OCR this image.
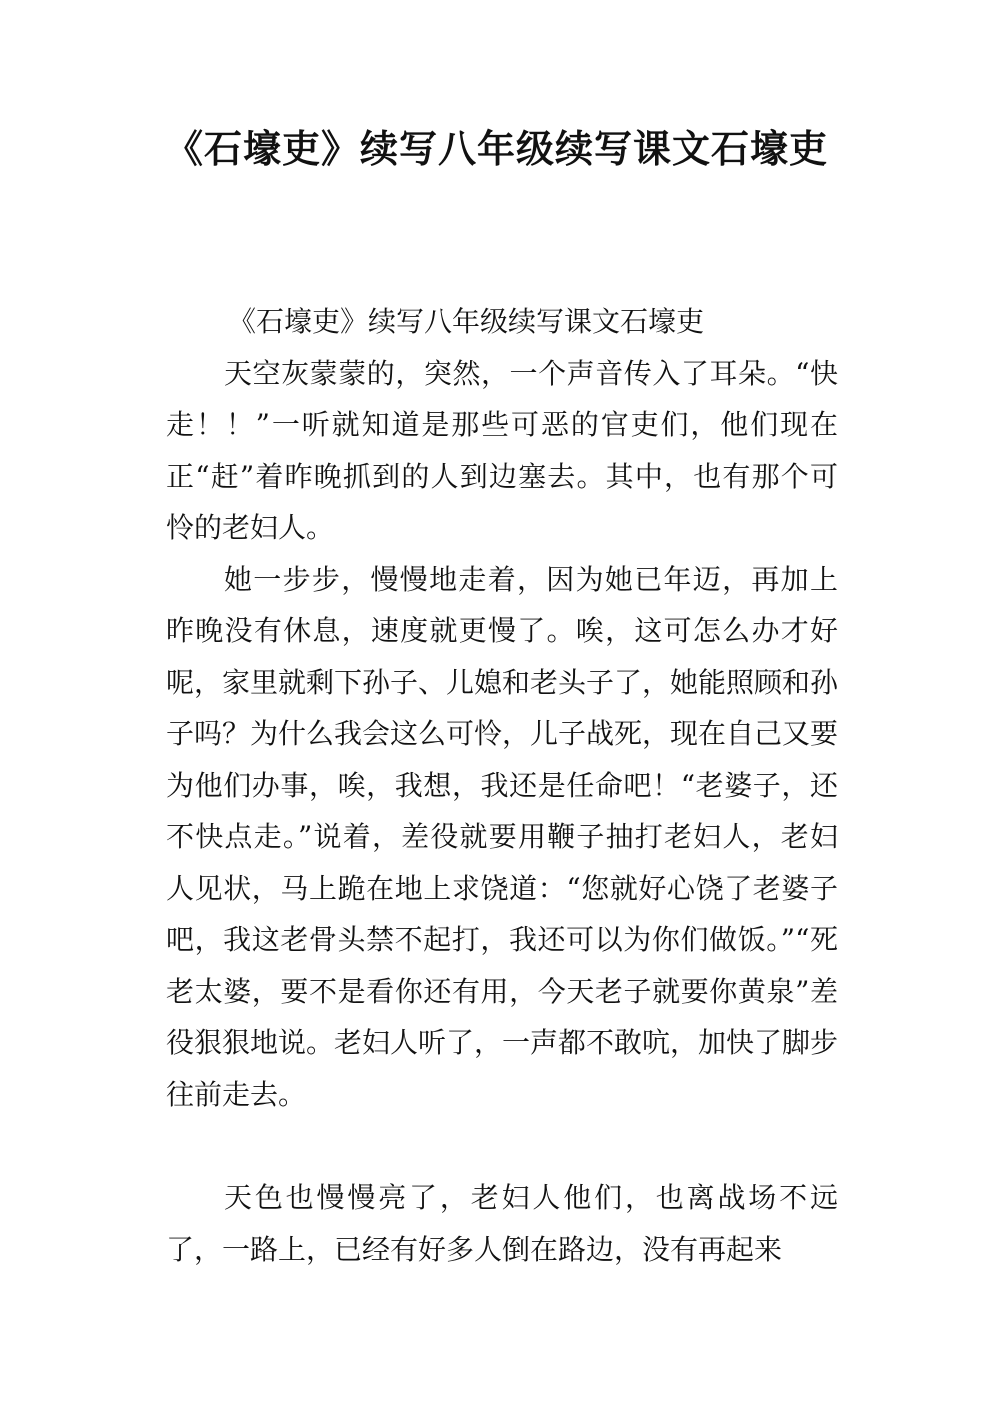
《石壕吏》续写八年级续写课文石壕吏

《石壕吏》续写八年级续写课文石壕吏

天空灰蒙蒙的，突然，一个声音传入了耳朵。“快走！！”一听就知道是那些可恶的官吏们，他们现在正“赶”着昨晚抓到的人到边塞去。其中，也有那个可怜的老妇人。

她一步步，慢慢地走着，因为她已年迈，再加上昨晚没有休息，速度就更慢了。唉，这可怎么办才好呢，家里就剩下孙子、儿媳和老头子了，她能照顾和孙子吗？为什么我会这么可怜，儿子战死，现在自己又要为他们办事，唉，我想，我还是任命吧！“老婆子，还不快点走。”说着，差役就要用鞭子抽打老妇人，老妇人见状，马上跪在地上求饶道：“您就好心饶了老婆子吧，我这老骨头禁不起打，我还可以为你们做饭。”“死老太婆，要不是看你还有用，今天老子就要你黄泉”差役狠狠地说。老妇人听了，一声都不敢吭，加快了脚步往前走去。

天色也慢慢亮了，老妇人他们，也离战场不远了，一路上，已经有好多人倒在路边，没有再起来
